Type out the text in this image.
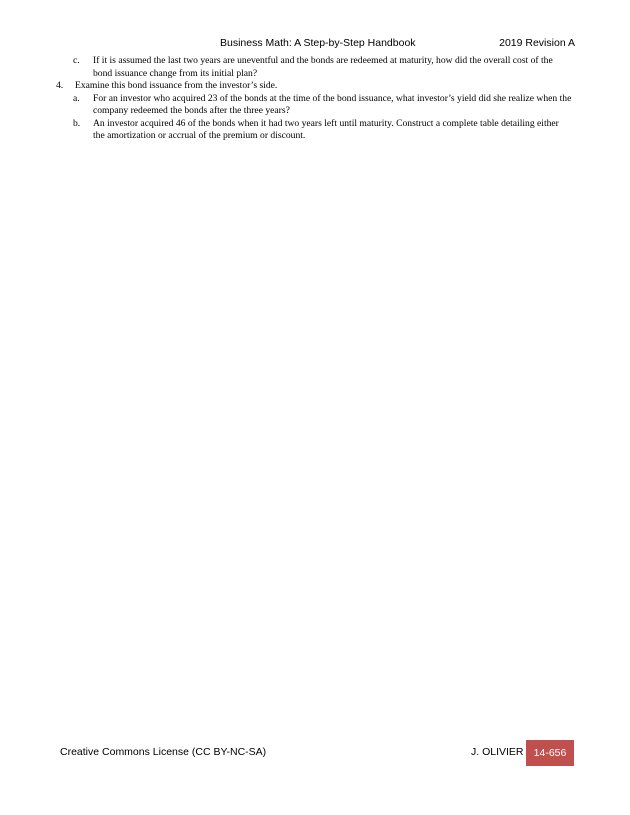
Business Math: A Step-by-Step Handbook	2019 Revision A
c. If it is assumed the last two years are uneventful and the bonds are redeemed at maturity, how did the overall cost of the bond issuance change from its initial plan?
4. Examine this bond issuance from the investor’s side.
a. For an investor who acquired 23 of the bonds at the time of the bond issuance, what investor’s yield did she realize when the company redeemed the bonds after the three years?
b. An investor acquired 46 of the bonds when it had two years left until maturity. Construct a complete table detailing either the amortization or accrual of the premium or discount.
Creative Commons License (CC BY-NC-SA)	J. OLIVIER 14-656
